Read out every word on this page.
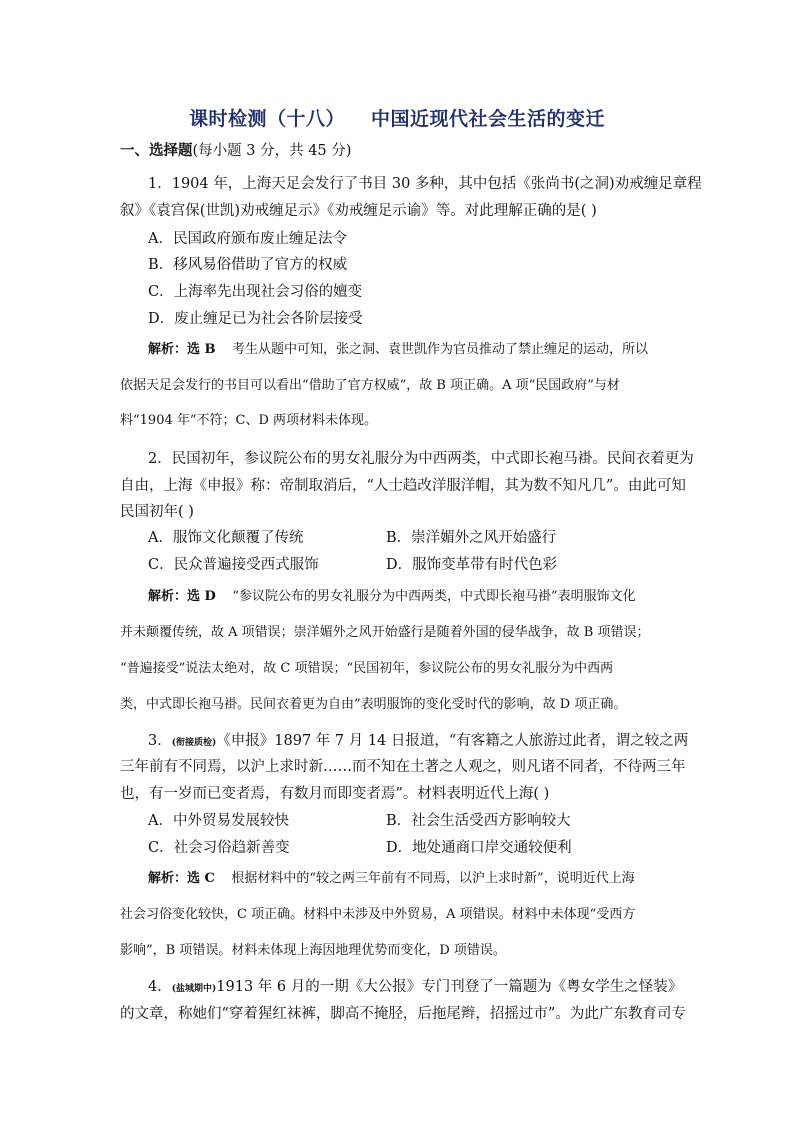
课时检测（十八） 中国近现代社会生活的变迁
一、选择题(每小题 3 分，共 45 分)
1．1904 年，上海天足会发行了书目 30 多种，其中包括《张尚书(之洞)劝戒缠足章程
叙》《袁宫保(世凯)劝戒缠足示》《劝戒缠足示谕》等。对此理解正确的是( )
A．民国政府颁布废止缠足法令
B．移风易俗借助了官方的权威
C．上海率先出现社会习俗的嬗变
D．废止缠足已为社会各阶层接受
解析：选 B 考生从题中可知，张之洞、袁世凯作为官员推动了禁止缠足的运动，所以
依据天足会发行的书目可以看出“借助了官方权威”，故 B 项正确。A 项“民国政府”与材
料“1904 年”不符；C、D 两项材料未体现。
2．民国初年，参议院公布的男女礼服分为中西两类，中式即长袍马褂。民间衣着更为
自由，上海《申报》称：帝制取消后，“人士趋改洋服洋帽，其为数不知凡几”。由此可知
民国初年( )
A．服饰文化颠覆了传统	B．崇洋媚外之风开始盛行
C．民众普遍接受西式服饰	D．服饰变革带有时代色彩
解析：选 D “参议院公布的男女礼服分为中西两类，中式即长袍马褂”表明服饰文化
并未颠覆传统，故 A 项错误；崇洋媚外之风开始盛行是随着外国的侵华战争，故 B 项错误；
“普遍接受”说法太绝对，故 C 项错误；“民国初年，参议院公布的男女礼服分为中西两
类，中式即长袍马褂。民间衣着更为自由”表明服饰的变化受时代的影响，故 D 项正确。
3．(衔接质检)《申报》1897 年 7 月 14 日报道，“有客籍之人旅游过此者，谓之较之两
三年前有不同焉，以沪上求时新……而不知在土著之人观之，则凡诸不同者，不待两三年
也，有一岁而已变者焉，有数月而即变者焉”。材料表明近代上海( )
A．中外贸易发展较快	B．社会生活受西方影响较大
C．社会习俗趋新善变	D．地处通商口岸交通较便利
解析：选 C 根据材料中的“较之两三年前有不同焉，以沪上求时新”，说明近代上海
社会习俗变化较快，C 项正确。材料中未涉及中外贸易，A 项错误。材料中未体现“受西方
影响”，B 项错误。材料未体现上海因地理优势而变化，D 项错误。
4．(盐城期中)1913 年 6 月的一期《大公报》专门刊登了一篇题为《粤女学生之怪装》
的文章，称她们“穿着猩红袜裤，脚高不掩胫，后拖尾辫，招摇过市”。为此广东教育司专
